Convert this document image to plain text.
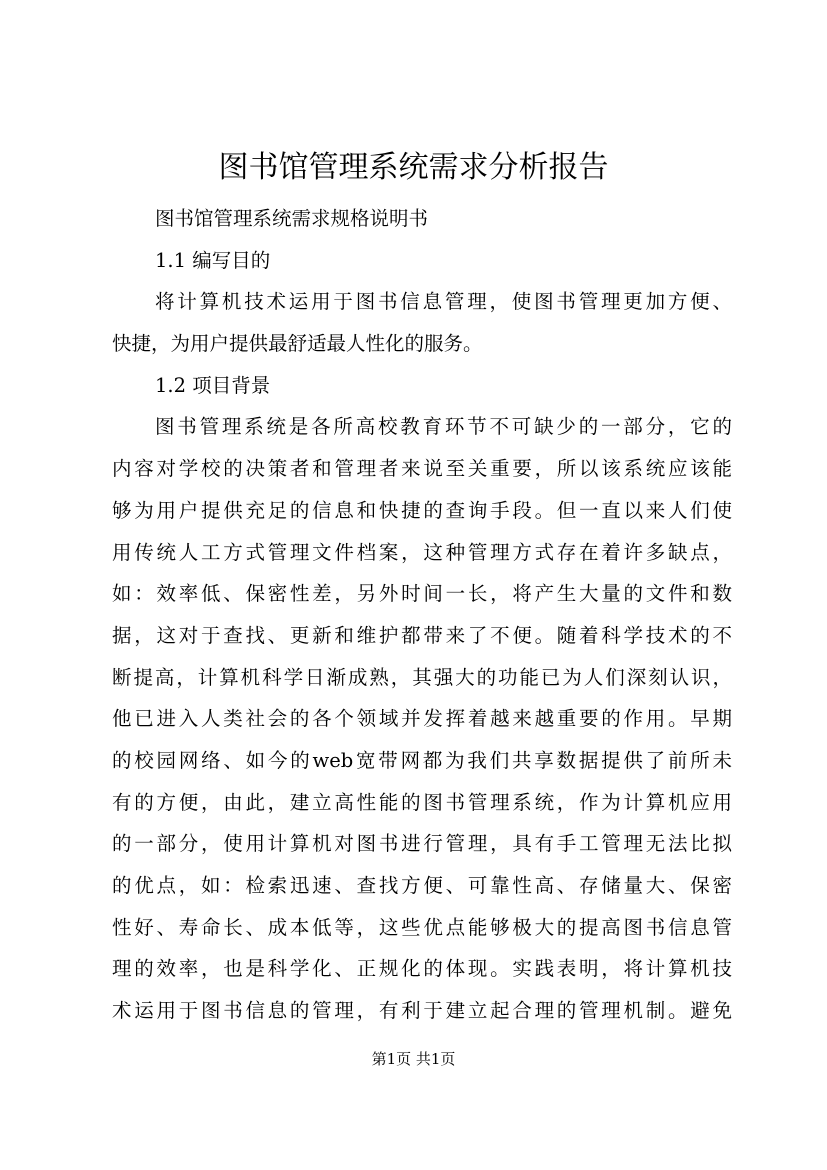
图书馆管理系统需求分析报告
图书馆管理系统需求规格说明书
1.1 编写目的
将计算机技术运用于图书信息管理，使图书管理更加方便、
快捷，为用户提供最舒适最人性化的服务。
1.2 项目背景
图书管理系统是各所高校教育环节不可缺少的一部分，它的
内容对学校的决策者和管理者来说至关重要，所以该系统应该能
够为用户提供充足的信息和快捷的查询手段。但一直以来人们使
用传统人工方式管理文件档案，这种管理方式存在着许多缺点，
如：效率低、保密性差，另外时间一长，将产生大量的文件和数
据，这对于查找、更新和维护都带来了不便。随着科学技术的不
断提高，计算机科学日渐成熟，其强大的功能已为人们深刻认识，
他已进入人类社会的各个领域并发挥着越来越重要的作用。早期
的校园网络、如今的web宽带网都为我们共享数据提供了前所未
有的方便，由此，建立高性能的图书管理系统，作为计算机应用
的一部分，使用计算机对图书进行管理，具有手工管理无法比拟
的优点，如：检索迅速、查找方便、可靠性高、存储量大、保密
性好、寿命长、成本低等，这些优点能够极大的提高图书信息管
理的效率，也是科学化、正规化的体现。实践表明，将计算机技
术运用于图书信息的管理，有利于建立起合理的管理机制。避免
第1页 共1页
